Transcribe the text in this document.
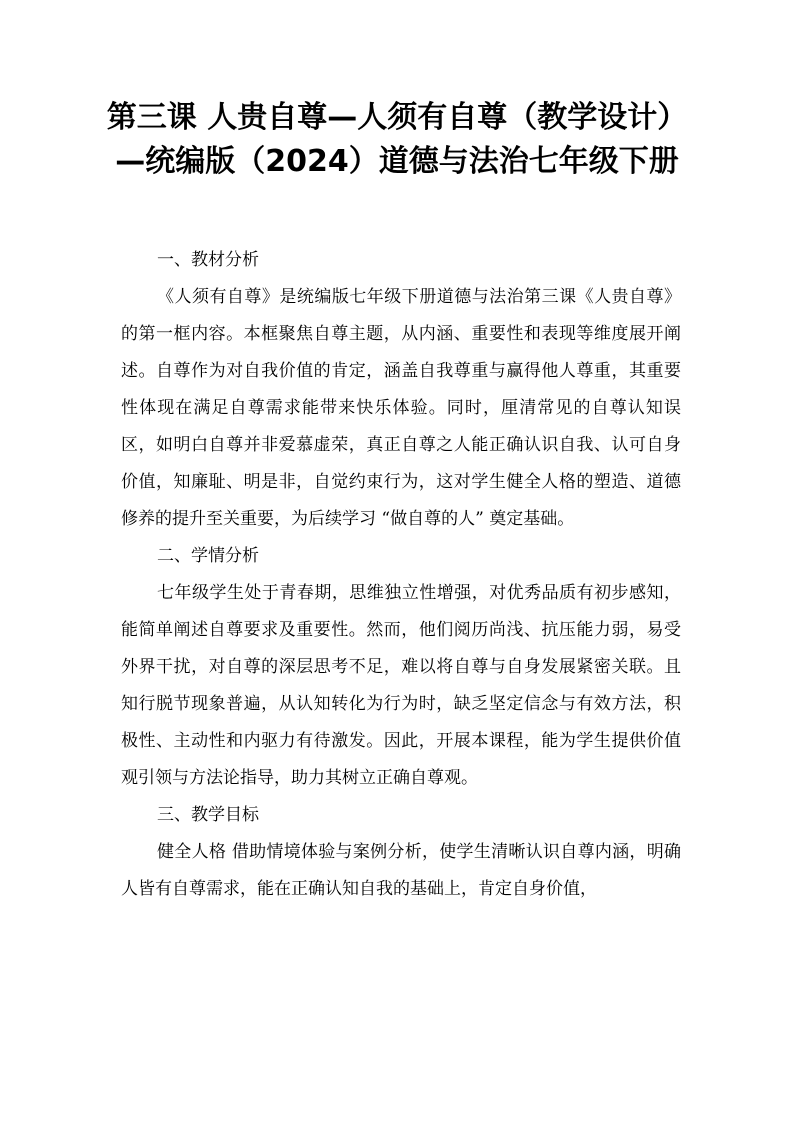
第三课 人贵自尊—人须有自尊（教学设计）—统编版（2024）道德与法治七年级下册
一、教材分析

《人须有自尊》是统编版七年级下册道德与法治第三课《人贵自尊》的第一框内容。本框聚焦自尊主题，从内涵、重要性和表现等维度展开阐述。自尊作为对自我价值的肯定，涵盖自我尊重与赢得他人尊重，其重要性体现在满足自尊需求能带来快乐体验。同时，厘清常见的自尊认知误区，如明白自尊并非爱慕虚荣，真正自尊之人能正确认识自我、认可自身价值，知廉耻、明是非，自觉约束行为，这对学生健全人格的塑造、道德修养的提升至关重要，为后续学习 “做自尊的人” 奠定基础。

二、学情分析

七年级学生处于青春期，思维独立性增强，对优秀品质有初步感知，能简单阐述自尊要求及重要性。然而，他们阅历尚浅、抗压能力弱，易受外界干扰，对自尊的深层思考不足，难以将自尊与自身发展紧密关联。且知行脱节现象普遍，从认知转化为行为时，缺乏坚定信念与有效方法，积极性、主动性和内驱力有待激发。因此，开展本课程，能为学生提供价值观引领与方法论指导，助力其树立正确自尊观。

三、教学目标

健全人格 借助情境体验与案例分析，使学生清晰认识自尊内涵，明确人皆有自尊需求，能在正确认知自我的基础上，肯定自身价值，
